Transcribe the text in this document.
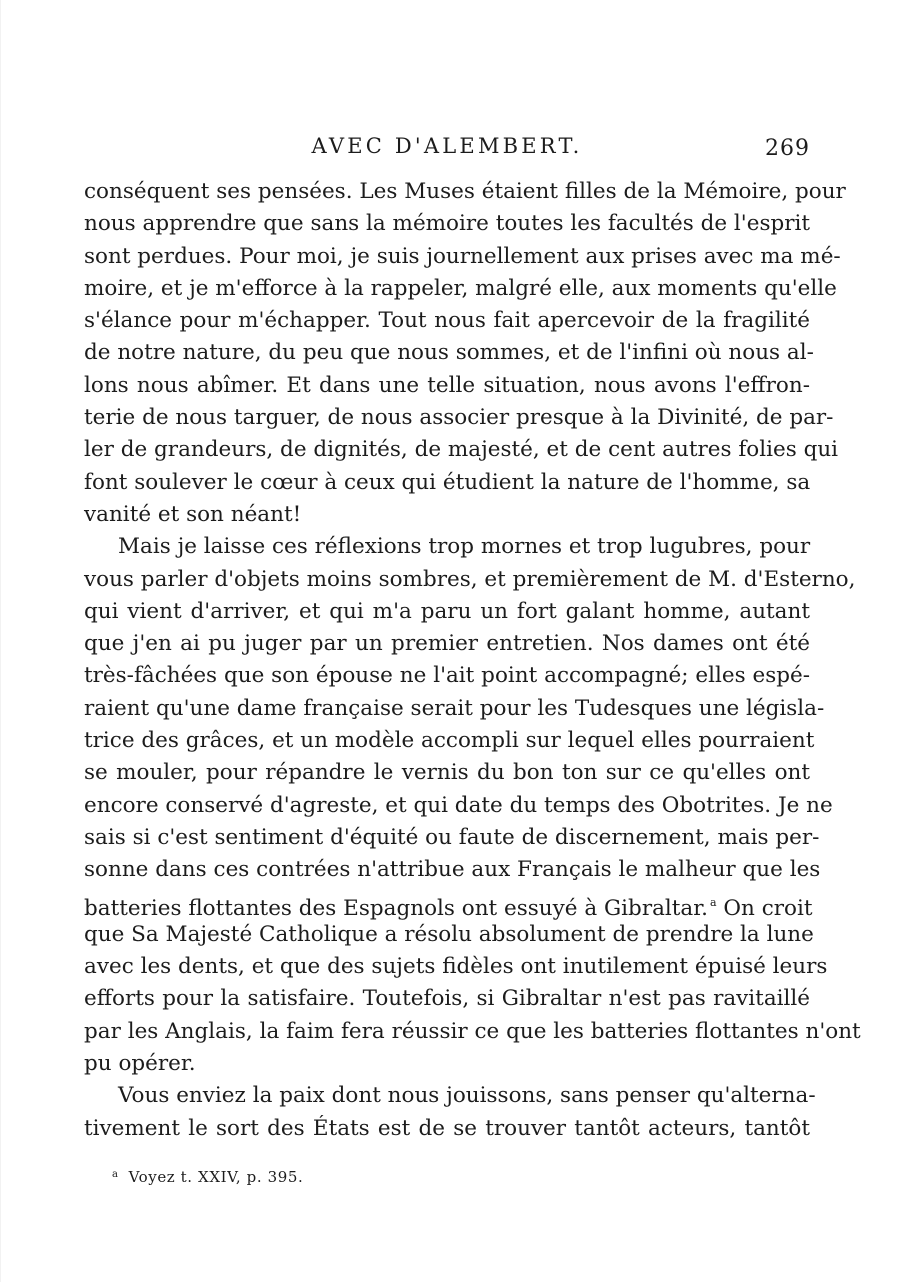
AVEC D'ALEMBERT.	269
conséquent ses pensées. Les Muses étaient filles de la Mémoire, pour
nous apprendre que sans la mémoire toutes les facultés de l'esprit
sont perdues. Pour moi, je suis journellement aux prises avec ma mé-
moire, et je m'efforce à la rappeler, malgré elle, aux moments qu'elle
s'élance pour m'échapper. Tout nous fait apercevoir de la fragilité
de notre nature, du peu que nous sommes, et de l'infini où nous al-
lons nous abîmer. Et dans une telle situation, nous avons l'effron-
terie de nous targuer, de nous associer presque à la Divinité, de par-
ler de grandeurs, de dignités, de majesté, et de cent autres folies qui
font soulever le cœur à ceux qui étudient la nature de l'homme, sa
vanité et son néant!
Mais je laisse ces réflexions trop mornes et trop lugubres, pour
vous parler d'objets moins sombres, et premièrement de M. d'Esterno,
qui vient d'arriver, et qui m'a paru un fort galant homme, autant
que j'en ai pu juger par un premier entretien. Nos dames ont été
très-fâchées que son épouse ne l'ait point accompagné; elles espé-
raient qu'une dame française serait pour les Tudesques une législa-
trice des grâces, et un modèle accompli sur lequel elles pourraient
se mouler, pour répandre le vernis du bon ton sur ce qu'elles ont
encore conservé d'agreste, et qui date du temps des Obotrites. Je ne
sais si c'est sentiment d'équité ou faute de discernement, mais per-
sonne dans ces contrées n'attribue aux Français le malheur que les
batteries flottantes des Espagnols ont essuyé à Gibraltar. $^a$ On croit
que Sa Majesté Catholique a résolu absolument de prendre la lune
avec les dents, et que des sujets fidèles ont inutilement épuisé leurs
efforts pour la satisfaire. Toutefois, si Gibraltar n'est pas ravitaillé
par les Anglais, la faim fera réussir ce que les batteries flottantes n'ont
pu opérer.
Vous enviez la paix dont nous jouissons, sans penser qu'alterna-
tivement le sort des États est de se trouver tantôt acteurs, tantôt
$^a$ Voyez t. XXIV, p. 395.
